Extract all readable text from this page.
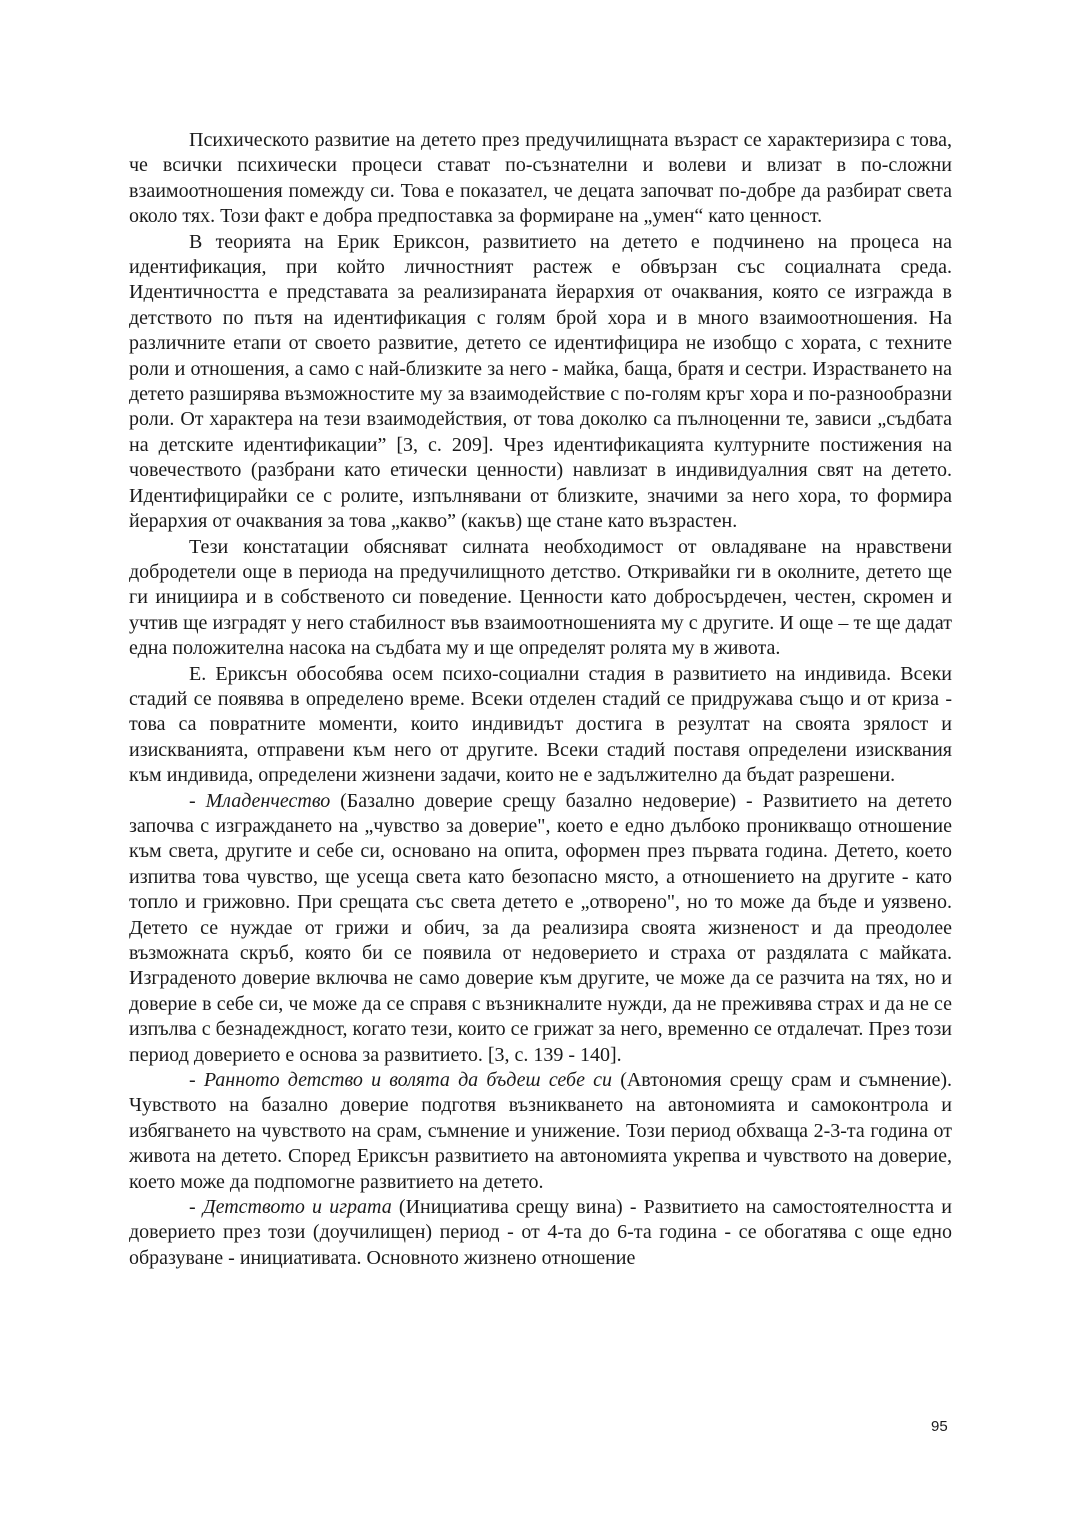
Психическото развитие на детето през предучилищната възраст се характеризира с това, че всички психически процеси стават по-съзнателни и волеви и влизат в по-сложни взаимоотношения помежду си. Това е показател, че децата започват по-добре да разбират света около тях. Този факт е добра предпоставка за формиране на „умен“ като ценност.

В теорията на Ерик Ериксон, развитието на детето е подчинено на процеса на идентификация, при който личностният растеж е обвързан със социалната среда. Идентичността е представата за реализираната йерархия от очаквания, която се изгражда в детството по пътя на идентификация с голям брой хора и в много взаимоотношения. На различните етапи от своето развитие, детето се идентифицира не изобщо с хората, с техните роли и отношения, а само с най-близките за него - майка, баща, братя и сестри. Израстването на детето разширява възможностите му за взаимодействие с по-голям кръг хора и по-разнообразни роли. От характера на тези взаимодействия, от това доколко са пълноценни те, зависи „съдбата на детските идентификации” [3, с. 209]. Чрез идентификацията културните постижения на човечеството (разбрани като етически ценности) навлизат в индивидуалния свят на детето. Идентифицирайки се с ролите, изпълнявани от близките, значими за него хора, то формира йерархия от очаквания за това „какво” (какъв) ще стане като възрастен.

Тези констатации обясняват силната необходимост от овладяване на нравствени добродетели още в периода на предучилищното детство. Откривайки ги в околните, детето ще ги инициира и в собственото си поведение. Ценности като добросърдечен, честен, скромен и учтив ще изградят у него стабилност във взаимоотношенията му с другите. И още – те ще дадат една положителна насока на съдбата му и ще определят ролята му в живота.

Е. Ериксън обособява осем психо-социални стадия в развитието на индивида. Всеки стадий се появява в определено време. Всеки отделен стадий се придружава също и от криза - това са повратните моменти, които индивидът достига в резултат на своята зрялост и изискванията, отправени към него от другите. Всеки стадий поставя определени изисквания към индивида, определени жизнени задачи, които не е задължително да бъдат разрешени.

- Младенчество (Базално доверие срещу базално недоверие) - Развитието на детето започва с изграждането на „чувство за доверие", което е едно дълбоко проникващо отношение към света, другите и себе си, основано на опита, оформен през първата година. Детето, което изпитва това чувство, ще усеща света като безопасно място, а отношението на другите - като топло и грижовно. При срещата със света детето е „отворено", но то може да бъде и уязвено. Детето се нуждае от грижи и обич, за да реализира своята жизненост и да преодолее възможната скръб, която би се появила от недоверието и страха от раздялата с майката. Изграденото доверие включва не само доверие към другите, че може да се разчита на тях, но и доверие в себе си, че може да се справя с възникналите нужди, да не преживява страх и да не се изпълва с безнадеждност, когато тези, които се грижат за него, временно се отдалечат. През този период доверието е основа за развитието. [3, с. 139 - 140].

- Ранното детство и волята да бъдеш себе си (Автономия срещу срам и съмнение). Чувството на базално доверие подготвя възникването на автономията и самоконтрола и избягването на чувството на срам, съмнение и унижение. Този период обхваща 2-3-та година от живота на детето. Според Ериксън развитието на автономията укрепва и чувството на доверие, което може да подпомогне развитието на детето.

- Детството и играта (Инициатива срещу вина) - Развитието на самостоятелността и доверието през този (доучилищен) период - от 4-та до 6-та година - се обогатява с още едно образуване - инициативата. Основното жизнено отношение

95
